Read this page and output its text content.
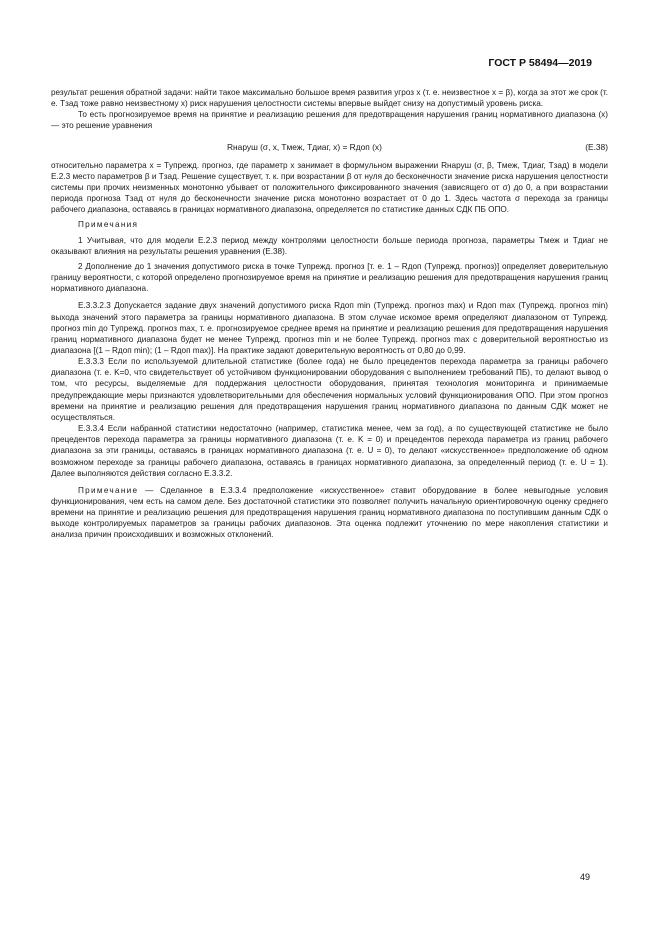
ГОСТ Р 58494—2019

результат решения обратной задачи: найти такое максимально большое время развития угроз x (т. е. неизвестное x = β), когда за этот же срок (т. е. Tзад тоже равно неизвестному x) риск нарушения целостности системы впервые выйдет снизу на допустимый уровень риска.

То есть прогнозируемое время на принятие и реализацию решения для предотвращения нарушения границ нормативного диапазона (x) — это решение уравнения

Rнаруш (σ, x, Tмеж, Tдиаг, x) = Rдоп (x)	(Е.38)

относительно параметра x = Tупрежд. прогноз, где параметр x занимает в формульном выражении Rнаруш (σ, β, Tмеж, Tдиаг, Tзад) в модели Е.2.3 место параметров β и Tзад. Решение существует, т. к. при возрастании β от нуля до бесконечности значение риска нарушения целостности системы при прочих неизменных монотонно убывает от положительного фиксированного значения (зависящего от σ) до 0, а при возрастании периода прогноза Tзад от нуля до бесконечности значение риска монотонно возрастает от 0 до 1. Здесь частота σ перехода за границы рабочего диапазона, оставаясь в границах нормативного диапазона, определяется по статистике данных СДК ПБ ОПО.

Примечания

1 Учитывая, что для модели Е.2.3 период между контролями целостности больше периода прогноза, параметры Tмеж и Tдиаг не оказывают влияния на результаты решения уравнения (Е.38).

2 Дополнение до 1 значения допустимого риска в точке Tупрежд. прогноз [т. е. 1 – Rдоп (Tупрежд. прогноз)] определяет доверительную границу вероятности, с которой определено прогнозируемое время на принятие и реализацию решения для предотвращения нарушения границ нормативного диапазона.

Е.3.3.2.3 Допускается задание двух значений допустимого риска Rдоп min (Tупрежд. прогноз max) и Rдоп max (Tупрежд. прогноз min) выхода значений этого параметра за границы нормативного диапазона. В этом случае искомое время определяют диапазоном от Tупрежд. прогноз min до Tупрежд. прогноз max, т. е. прогнозируемое среднее время на принятие и реализацию решения для предотвращения нарушения границ нормативного диапазона будет не менее Tупрежд. прогноз min и не более Tупрежд. прогноз max с доверительной вероятностью из диапазона [(1 – Rдоп min); (1 – Rдоп max)]. На практике задают доверительную вероятность от 0,80 до 0,99.

Е.3.3.3 Если по используемой длительной статистике (более года) не было прецедентов перехода параметра за границы рабочего диапазона (т. е. K=0, что свидетельствует об устойчивом функционировании оборудования с выполнением требований ПБ), то делают вывод о том, что ресурсы, выделяемые для поддержания целостности оборудования, принятая технология мониторинга и принимаемые предупреждающие меры признаются удовлетворительными для обеспечения нормальных условий функционирования ОПО. При этом прогноз времени на принятие и реализацию решения для предотвращения нарушения границ нормативного диапазона по данным СДК может не осуществляться.

Е.3.3.4 Если набранной статистики недостаточно (например, статистика менее, чем за год), а по существующей статистике не было прецедентов перехода параметра за границы нормативного диапазона (т. е. K = 0) и прецедентов перехода параметра из границ рабочего диапазона за эти границы, оставаясь в границах нормативного диапазона (т. е. U = 0), то делают «искусственное» предположение об одном возможном переходе за границы рабочего диапазона, оставаясь в границах нормативного диапазона, за определенный период (т. е. U = 1). Далее выполняются действия согласно Е.3.3.2.

Примечание — Сделанное в Е.3.3.4 предположение «искусственное» ставит оборудование в более невыгодные условия функционирования, чем есть на самом деле. Без достаточной статистики это позволяет получить начальную ориентировочную оценку среднего времени на принятие и реализацию решения для предотвращения нарушения границ нормативного диапазона по поступившим данным СДК о выходе контролируемых параметров за границы рабочих диапазонов. Эта оценка подлежит уточнению по мере накопления статистики и анализа причин происходивших и возможных отклонений.

49
